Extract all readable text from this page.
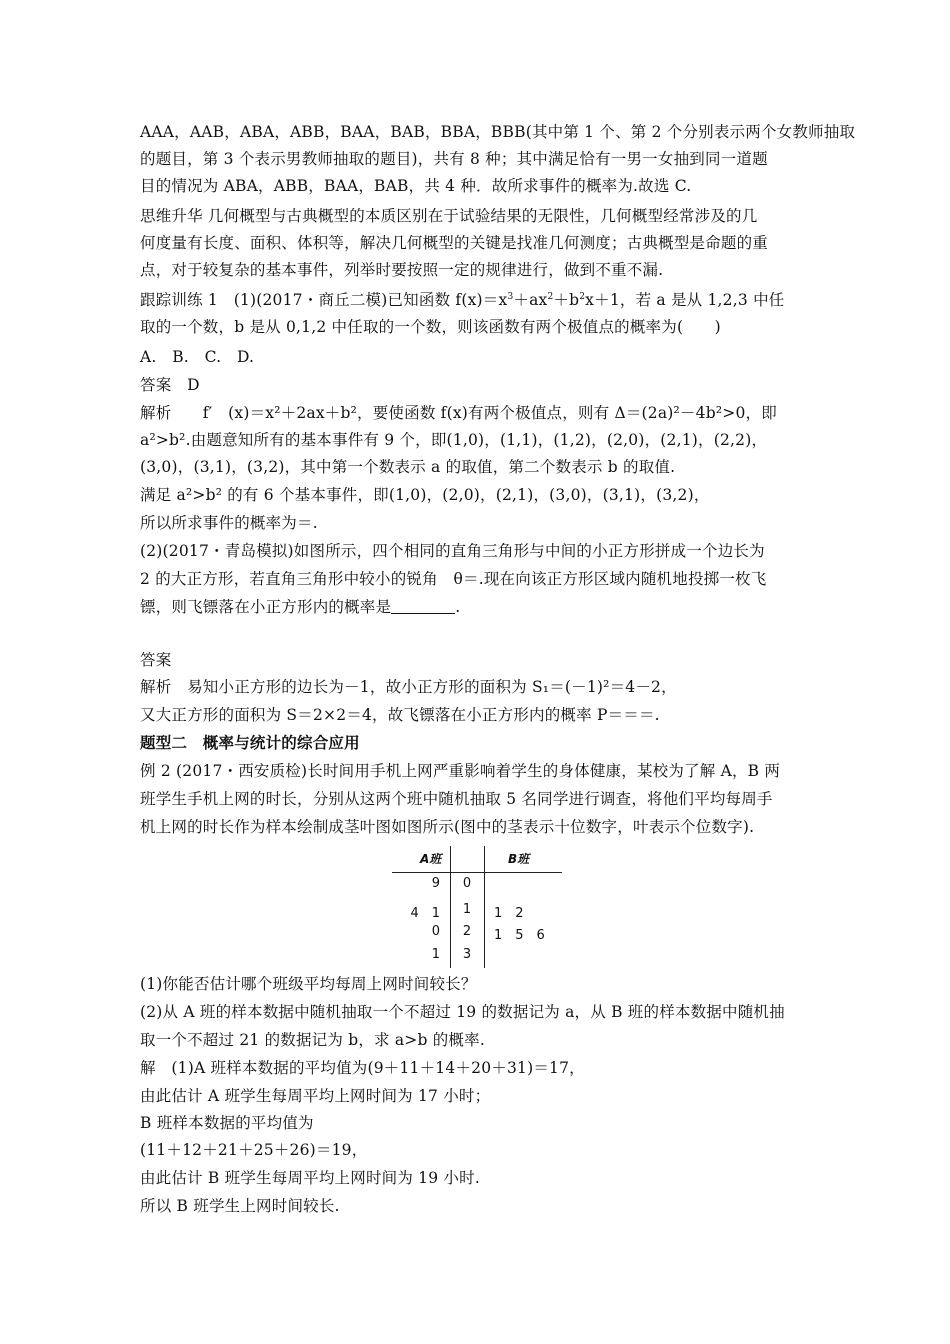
AAA，AAB，ABA，ABB，BAA，BAB，BBA，BBB(其中第 1 个、第 2 个分别表示两个女教师抽取
的题目，第 3 个表示男教师抽取的题目)，共有 8 种；其中满足恰有一男一女抽到同一道题
目的情况为 ABA，ABB，BAA，BAB，共 4 种．故所求事件的概率为.故选 C.
思维升华 几何概型与古典概型的本质区别在于试验结果的无限性，几何概型经常涉及的几
何度量有长度、面积、体积等，解决几何概型的关键是找准几何测度；古典概型是命题的重
点，对于较复杂的基本事件，列举时要按照一定的规律进行，做到不重不漏.
跟踪训练 1　(1)(2017・商丘二模)已知函数 $f(x)=x^3+ax^2+b^2x+1$，若 a 是从 1,2,3 中任
取的一个数，b 是从 0,1,2 中任取的一个数，则该函数有两个极值点的概率为(　　)
A.　B.　C.　D.
答案　D
解析　　f′　(x)＝x²＋2ax＋b²，要使函数 f(x)有两个极值点，则有 Δ＝(2a)²－4b²>0，即
a²>b².由题意知所有的基本事件有 9 个，即(1,0)，(1,1)，(1,2)，(2,0)，(2,1)，(2,2)，
(3,0)，(3,1)，(3,2)，其中第一个数表示 a 的取值，第二个数表示 b 的取值.
满足 a²>b² 的有 6 个基本事件，即(1,0)，(2,0)，(2,1)，(3,0)，(3,1)，(3,2)，
所以所求事件的概率为＝.
(2)(2017・青岛模拟)如图所示，四个相同的直角三角形与中间的小正方形拼成一个边长为
2 的大正方形，若直角三角形中较小的锐角　θ＝.现在向该正方形区域内随机地投掷一枚飞
镖，则飞镖落在小正方形内的概率是	.
答案
解析　易知小正方形的边长为－1，故小正方形的面积为 S₁＝(－1)²＝4－2，
又大正方形的面积为 S＝2×2＝4，故飞镖落在小正方形内的概率 P＝＝＝.
题型二　概率与统计的综合应用
例 2 (2017・西安质检)长时间用手机上网严重影响着学生的身体健康，某校为了解 A，B 两
班学生手机上网的时长，分别从这两个班中随机抽取 5 名同学进行调查，将他们平均每周手
机上网的时长作为样本绘制成茎叶图如图所示(图中的茎表示十位数字，叶表示个位数字).
A班	B班
9	0
4　1	1	1　2
0	2	1　5　6
1	3
(1)你能否估计哪个班级平均每周上网时间较长？
(2)从 A 班的样本数据中随机抽取一个不超过 19 的数据记为 a，从 B 班的样本数据中随机抽
取一个不超过 21 的数据记为 b，求 a>b 的概率.
解　(1)A 班样本数据的平均值为(9＋11＋14＋20＋31)＝17，
由此估计 A 班学生每周平均上网时间为 17 小时；
B 班样本数据的平均值为
(11＋12＋21＋25＋26)＝19，
由此估计 B 班学生每周平均上网时间为 19 小时.
所以 B 班学生上网时间较长.
